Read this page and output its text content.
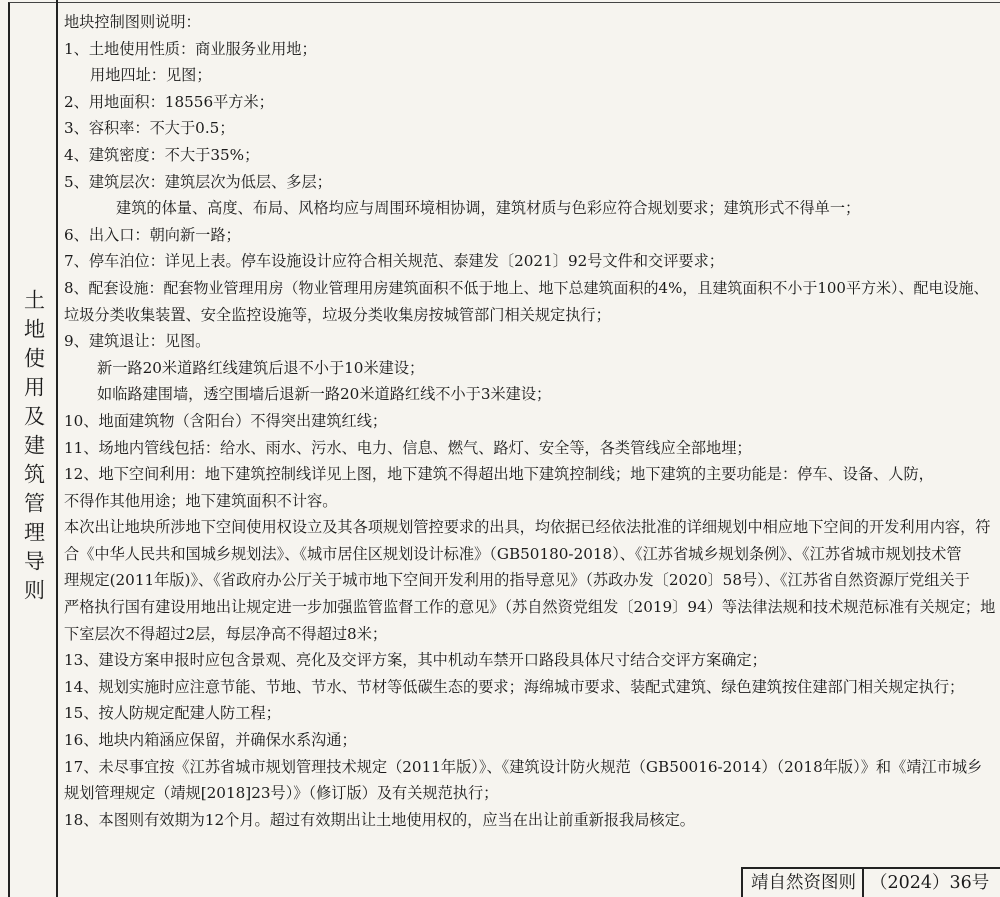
土地使用及建筑管理导则

地块控制图则说明：

1、土地使用性质：商业服务业用地；

用地四址：见图；

2、用地面积：18556平方米；

3、容积率：不大于0.5；

4、建筑密度：不大于35%；

5、建筑层次：建筑层次为低层、多层；

建筑的体量、高度、布局、风格均应与周围环境相协调，建筑材质与色彩应符合规划要求；建筑形式不得单一；

6、出入口：朝向新一路；

7、停车泊位：详见上表。停车设施设计应符合相关规范、泰建发〔2021〕92号文件和交评要求；

8、配套设施：配套物业管理用房（物业管理用房建筑面积不低于地上、地下总建筑面积的4%，且建筑面积不小于100平方米）、配电设施、

垃圾分类收集装置、安全监控设施等，垃圾分类收集房按城管部门相关规定执行；

9、建筑退让：见图。

新一路20米道路红线建筑后退不小于10米建设；

如临路建围墙，透空围墙后退新一路20米道路红线不小于3米建设；

10、地面建筑物（含阳台）不得突出建筑红线；

11、场地内管线包括：给水、雨水、污水、电力、信息、燃气、路灯、安全等，各类管线应全部地埋；

12、地下空间利用：地下建筑控制线详见上图，地下建筑不得超出地下建筑控制线；地下建筑的主要功能是：停车、设备、人防，

不得作其他用途；地下建筑面积不计容。

本次出让地块所涉地下空间使用权设立及其各项规划管控要求的出具，均依据已经依法批准的详细规划中相应地下空间的开发利用内容，符

合《中华人民共和国城乡规划法》、《城市居住区规划设计标准》（GB50180-2018）、《江苏省城乡规划条例》、《江苏省城市规划技术管

理规定(2011年版)》、《省政府办公厅关于城市地下空间开发利用的指导意见》（苏政办发〔2020〕58号）、《江苏省自然资源厅党组关于

严格执行国有建设用地出让规定进一步加强监管监督工作的意见》（苏自然资党组发〔2019〕94）等法律法规和技术规范标准有关规定；地

下室层次不得超过2层，每层净高不得超过8米；

13、建设方案申报时应包含景观、亮化及交评方案，其中机动车禁开口路段具体尺寸结合交评方案确定；

14、规划实施时应注意节能、节地、节水、节材等低碳生态的要求；海绵城市要求、装配式建筑、绿色建筑按住建部门相关规定执行；

15、按人防规定配建人防工程；

16、地块内箱涵应保留，并确保水系沟通；

17、未尽事宜按《江苏省城市规划管理技术规定（2011年版）》、《建筑设计防火规范（GB50016-2014）（2018年版）》和《靖江市城乡

规划管理规定（靖规[2018]23号）》（修订版）及有关规范执行；

18、本图则有效期为12个月。超过有效期出让土地使用权的，应当在出让前重新报我局核定。

靖自然资图则 （2024）36号
